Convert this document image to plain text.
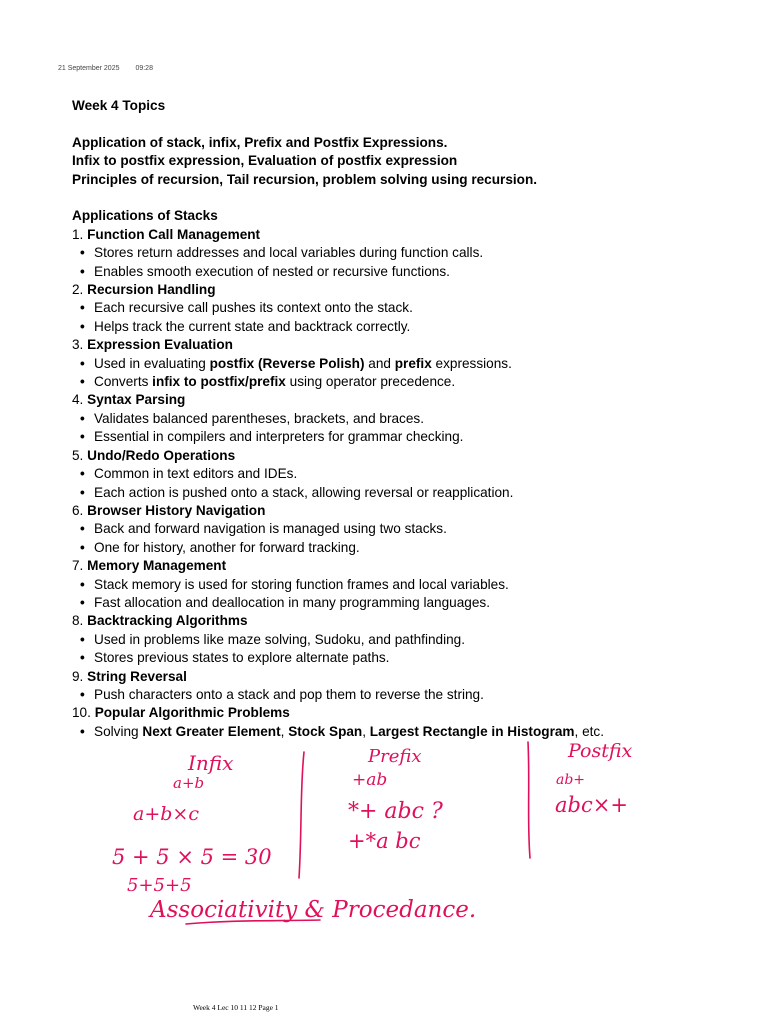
21 September 2025 09:28
Week 4 Topics
Application of stack, infix, Prefix and Postfix Expressions.
Infix to postfix expression, Evaluation of postfix expression
Principles of recursion, Tail recursion, problem solving using recursion.
Applications of Stacks
1. Function Call Management
• Stores return addresses and local variables during function calls.
• Enables smooth execution of nested or recursive functions.
2. Recursion Handling
• Each recursive call pushes its context onto the stack.
• Helps track the current state and backtrack correctly.
3. Expression Evaluation
• Used in evaluating postfix (Reverse Polish) and prefix expressions.
• Converts infix to postfix/prefix using operator precedence.
4. Syntax Parsing
• Validates balanced parentheses, brackets, and braces.
• Essential in compilers and interpreters for grammar checking.
5. Undo/Redo Operations
• Common in text editors and IDEs.
• Each action is pushed onto a stack, allowing reversal or reapplication.
6. Browser History Navigation
• Back and forward navigation is managed using two stacks.
• One for history, another for forward tracking.
7. Memory Management
• Stack memory is used for storing function frames and local variables.
• Fast allocation and deallocation in many programming languages.
8. Backtracking Algorithms
• Used in problems like maze solving, Sudoku, and pathfinding.
• Stores previous states to explore alternate paths.
9. String Reversal
• Push characters onto a stack and pop them to reverse the string.
10. Popular Algorithmic Problems
• Solving Next Greater Element, Stock Span, Largest Rectangle in Histogram, etc.
Infix
a+b
a+b×c
Prefix
+ab
*+ abc ?
+*a bc
Postfix
ab+
abc×+
5 + 5 × 5 = 30
5+5+5
Associativity & Procedance.
Week 4 Lec 10 11 12 Page 1
